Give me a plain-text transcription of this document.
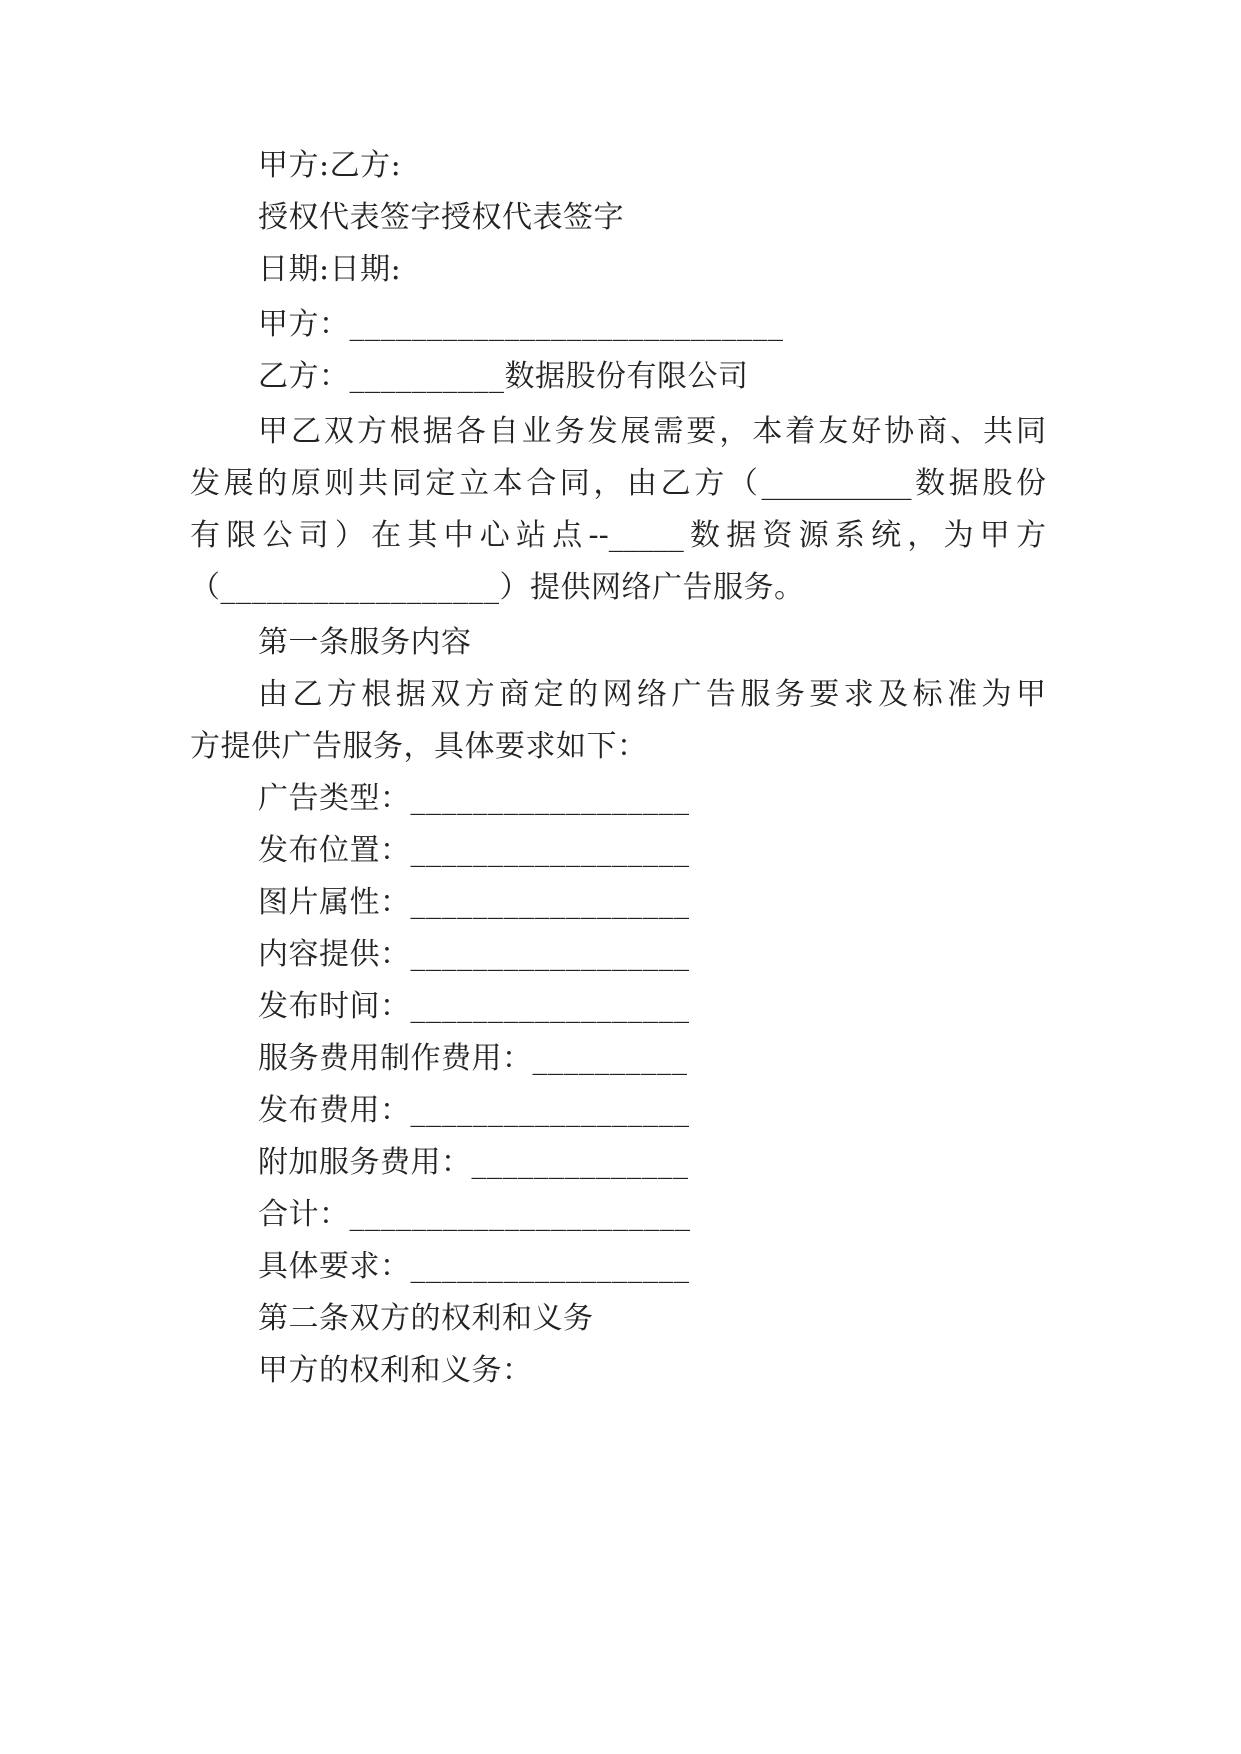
甲方:乙方:
授权代表签字授权代表签字
日期:日期:
甲方：____________________________
乙方：__________数据股份有限公司
甲乙双方根据各自业务发展需要，本着友好协商、共同
发展的原则共同定立本合同，由乙方（__________数据股份
有限公司）在其中心站点--_____数据资源系统，为甲方
（__________________）提供网络广告服务。
第一条服务内容
由乙方根据双方商定的网络广告服务要求及标准为甲
方提供广告服务，具体要求如下：
广告类型：__________________
发布位置：__________________
图片属性：__________________
内容提供：__________________
发布时间：__________________
服务费用制作费用：__________
发布费用：__________________
附加服务费用：______________
合计：______________________
具体要求：__________________
第二条双方的权利和义务
甲方的权利和义务：
